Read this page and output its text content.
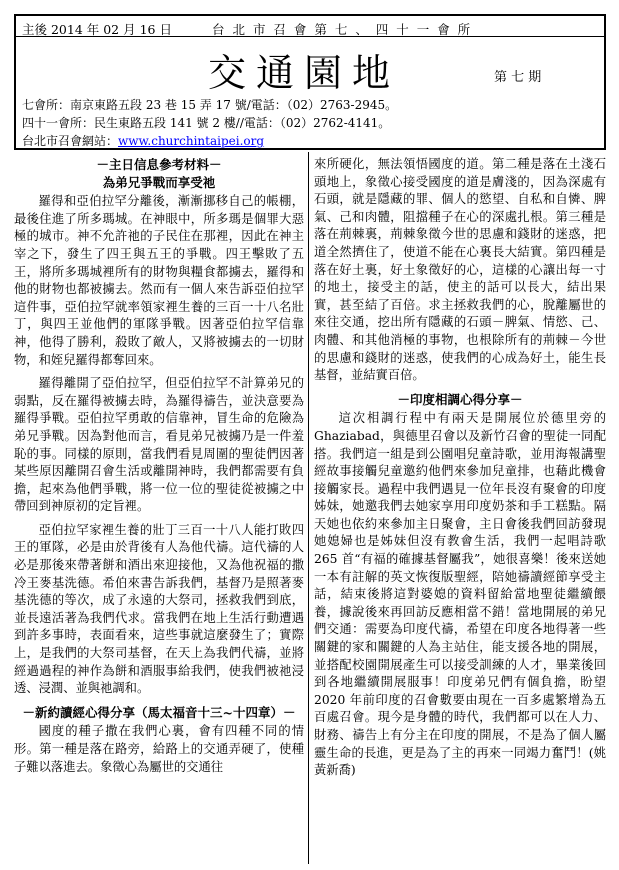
主後 2014 年 02 月 16 日	台 北 市 召 會 第 七 、 四 十 一 會 所
交通園地	第 七 期
七會所：南京東路五段 23 巷 15 弄 17 號/電話：（02）2763-2945。
四十一會所：民生東路五段 141 號 2 樓//電話：（02）2762-4141。
台北市召會網站：www.churchintaipei.org
－主日信息參考材料－
為弟兄爭戰而享受祂

羅得和亞伯拉罕分離後，漸漸挪移自己的帳棚，最後住進了所多瑪城。在神眼中，所多瑪是個罪大惡極的城市。神不允許祂的子民住在那裡，因此在神主宰之下，發生了四王與五王的爭戰。四王擊敗了五王，將所多瑪城裡所有的財物與糧食都擄去，羅得和他的財物也都被擄去。然而有一個人來告訴亞伯拉罕這件事，亞伯拉罕就率領家裡生養的三百一十八名壯丁，與四王並他們的軍隊爭戰。因著亞伯拉罕信靠神，他得了勝利，殺敗了敵人，又將被擄去的一切財物，和姪兒羅得都奪回來。

羅得離開了亞伯拉罕，但亞伯拉罕不計算弟兄的弱點，反在羅得被擄去時，為羅得禱告，並決意要為羅得爭戰。亞伯拉罕勇敢的信靠神，冒生命的危險為弟兄爭戰。因為對他而言，看見弟兄被擄乃是一件羞恥的事。同樣的原則，當我們看見周圍的聖徒們因著某些原因離開召會生活或離開神時，我們都需要有負擔，起來為他們爭戰，將一位一位的聖徒從被擄之中帶回到神原初的定旨裡。

亞伯拉罕家裡生養的壯丁三百一十八人能打敗四王的軍隊，必是由於背後有人為他代禱。這代禱的人必是那後來帶著餅和酒出來迎接他，又為他祝福的撒冷王麥基洗德。希伯來書告訴我們，基督乃是照著麥基洗德的等次，成了永遠的大祭司，拯救我們到底，並長遠活著為我們代求。當我們在地上生活行動遭遇到許多事時，表面看來，這些事就這麼發生了；實際上，是我們的大祭司基督，在天上為我們代禱，並將經過過程的神作為餅和酒服事給我們，使我們被祂浸透、浸潤、並與祂調和。

－新約讀經心得分享（馬太福音十三~十四章）－

國度的種子撒在我們心裏，會有四種不同的情形。第一種是落在路旁，給路上的交通弄硬了，使種子難以落進去。象徵心為屬世的交通往

來所硬化，無法領悟國度的道。第二種是落在土淺石頭地上，象徵心接受國度的道是膚淺的，因為深處有石頭，就是隱藏的罪、個人的慾望、自私和自憐、脾氣、己和肉體，阻擋種子在心的深處扎根。第三種是落在荊棘裏，荊棘象徵今世的思慮和錢財的迷惑，把道全然擠住了，使道不能在心裏長大結實。第四種是落在好土裏，好土象徵好的心，這樣的心讓出每一寸的地土，接受主的話，使主的話可以長大，結出果實，甚至結了百倍。求主拯救我們的心，脫離屬世的來往交通，挖出所有隱藏的石頭－脾氣、情慾、己、肉體、和其他消極的事物，也根除所有的荊棘－今世的思慮和錢財的迷惑，使我們的心成為好土，能生長基督，並結實百倍。

－印度相調心得分享－

這次相調行程中有兩天是開展位於德里旁的 Ghaziabad，與德里召會以及新竹召會的聖徒一同配搭。我們這一組是到公園唱兒童詩歌，並用海報講聖經故事接觸兒童邀約他們來參加兒童排，也藉此機會接觸家長。過程中我們遇見一位年長沒有聚會的印度姊妹，她邀我們去她家享用印度奶茶和手工糕點。隔天她也依約來參加主日聚會，主日會後我們回訪發現她媳婦也是姊妹但沒有教會生活，我們一起唱詩歌 265 首“有福的確據基督屬我”，她很喜樂！後來送她一本有註解的英文恢復版聖經，陪她禱讀經節享受主話，結束後將這對婆媳的資料留給當地聖徒繼續餵養，據說後來再回訪反應相當不錯！當地開展的弟兄們交通：需要為印度代禱，希望在印度各地得著一些關鍵的家和關鍵的人為主站住，能支援各地的開展，並搭配校園開展產生可以接受訓練的人才，畢業後回到各地繼續開展服事！印度弟兄們有個負擔，盼望 2020 年前印度的召會數要由現在一百多處繁增為五百處召會。現今是身體的時代，我們都可以在人力、財務、禱告上有分主在印度的開展，不是為了個人屬靈生命的長進，更是為了主的再來一同竭力奮鬥！(姚黃新喬)
